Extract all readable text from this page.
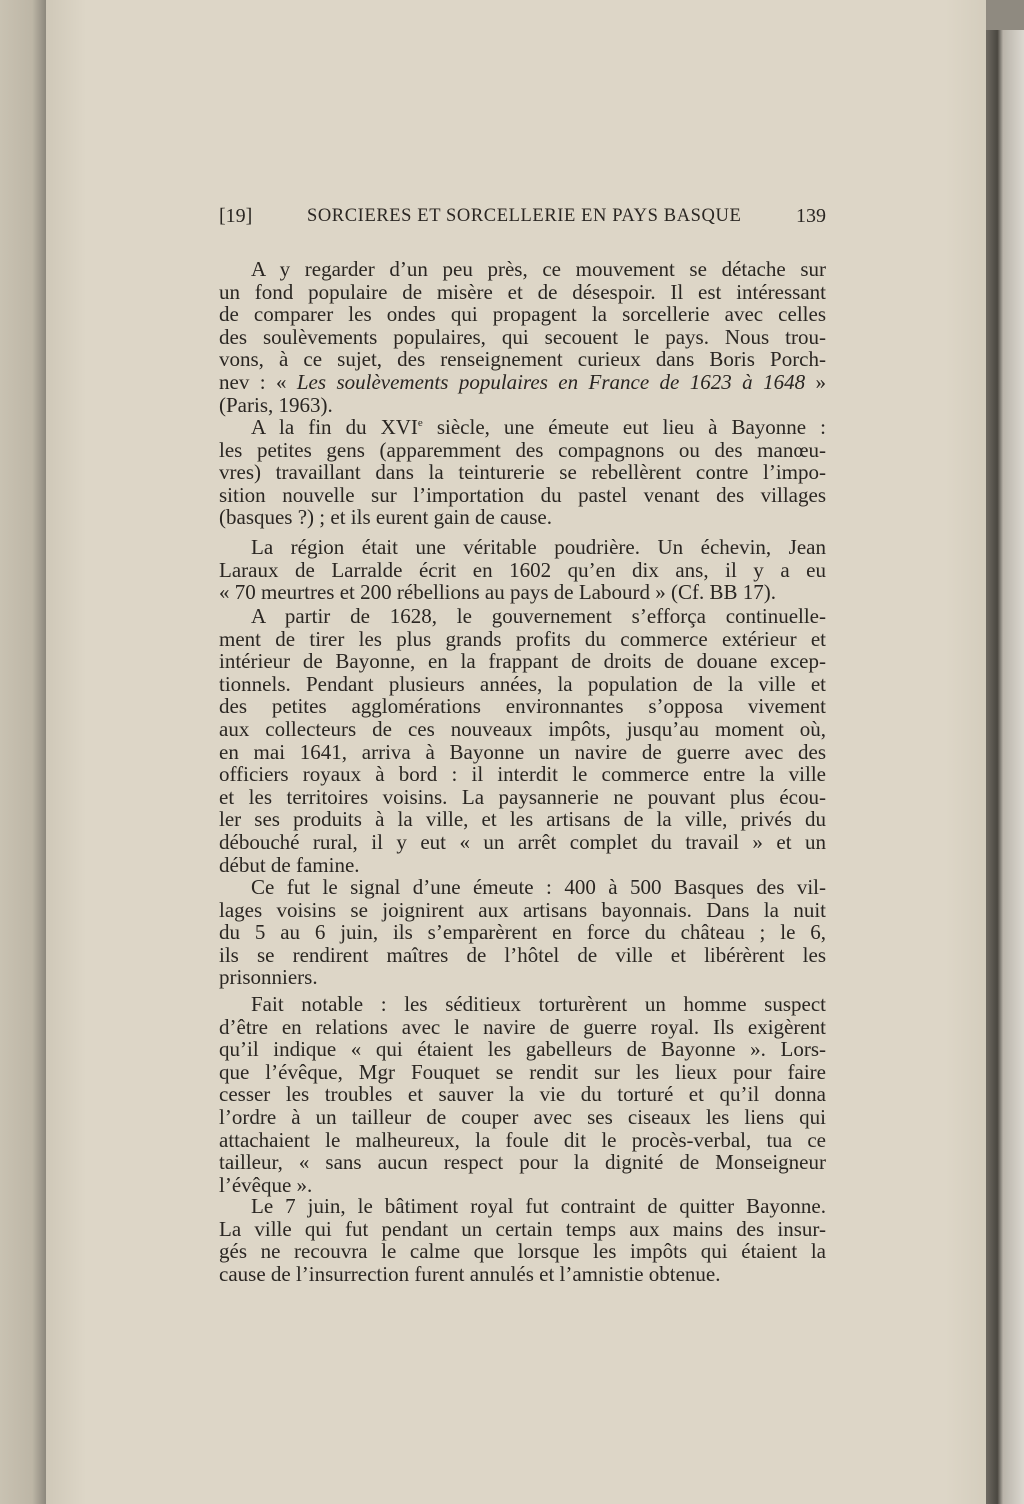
[19]	SORCIERES ET SORCELLERIE EN PAYS BASQUE	139
A y regarder d’un peu près, ce mouvement se détache sur
un fond populaire de misère et de désespoir. Il est intéressant
de comparer les ondes qui propagent la sorcellerie avec celles
des soulèvements populaires, qui secouent le pays. Nous trou-
vons, à ce sujet, des renseignement curieux dans Boris Porch-
nev : « Les soulèvements populaires en France de 1623 à 1648 »
(Paris, 1963).
A la fin du XVIe siècle, une émeute eut lieu à Bayonne :
les petites gens (apparemment des compagnons ou des manœu-
vres) travaillant dans la teinturerie se rebellèrent contre l’impo-
sition nouvelle sur l’importation du pastel venant des villages
(basques ?) ; et ils eurent gain de cause.
La région était une véritable poudrière. Un échevin, Jean
Laraux de Larralde écrit en 1602 qu’en dix ans, il y a eu
« 70 meurtres et 200 rébellions au pays de Labourd » (Cf. BB 17).
A partir de 1628, le gouvernement s’efforça continuelle-
ment de tirer les plus grands profits du commerce extérieur et
intérieur de Bayonne, en la frappant de droits de douane excep-
tionnels. Pendant plusieurs années, la population de la ville et
des petites agglomérations environnantes s’opposa vivement
aux collecteurs de ces nouveaux impôts, jusqu’au moment où,
en mai 1641, arriva à Bayonne un navire de guerre avec des
officiers royaux à bord : il interdit le commerce entre la ville
et les territoires voisins. La paysannerie ne pouvant plus écou-
ler ses produits à la ville, et les artisans de la ville, privés du
débouché rural, il y eut « un arrêt complet du travail » et un
début de famine.
Ce fut le signal d’une émeute : 400 à 500 Basques des vil-
lages voisins se joignirent aux artisans bayonnais. Dans la nuit
du 5 au 6 juin, ils s’emparèrent en force du château ; le 6,
ils se rendirent maîtres de l’hôtel de ville et libérèrent les
prisonniers.
Fait notable : les séditieux torturèrent un homme suspect
d’être en relations avec le navire de guerre royal. Ils exigèrent
qu’il indique « qui étaient les gabelleurs de Bayonne ». Lors-
que l’évêque, Mgr Fouquet se rendit sur les lieux pour faire
cesser les troubles et sauver la vie du torturé et qu’il donna
l’ordre à un tailleur de couper avec ses ciseaux les liens qui
attachaient le malheureux, la foule dit le procès-verbal, tua ce
tailleur, « sans aucun respect pour la dignité de Monseigneur
l’évêque ».
Le 7 juin, le bâtiment royal fut contraint de quitter Bayonne.
La ville qui fut pendant un certain temps aux mains des insur-
gés ne recouvra le calme que lorsque les impôts qui étaient la
cause de l’insurrection furent annulés et l’amnistie obtenue.
